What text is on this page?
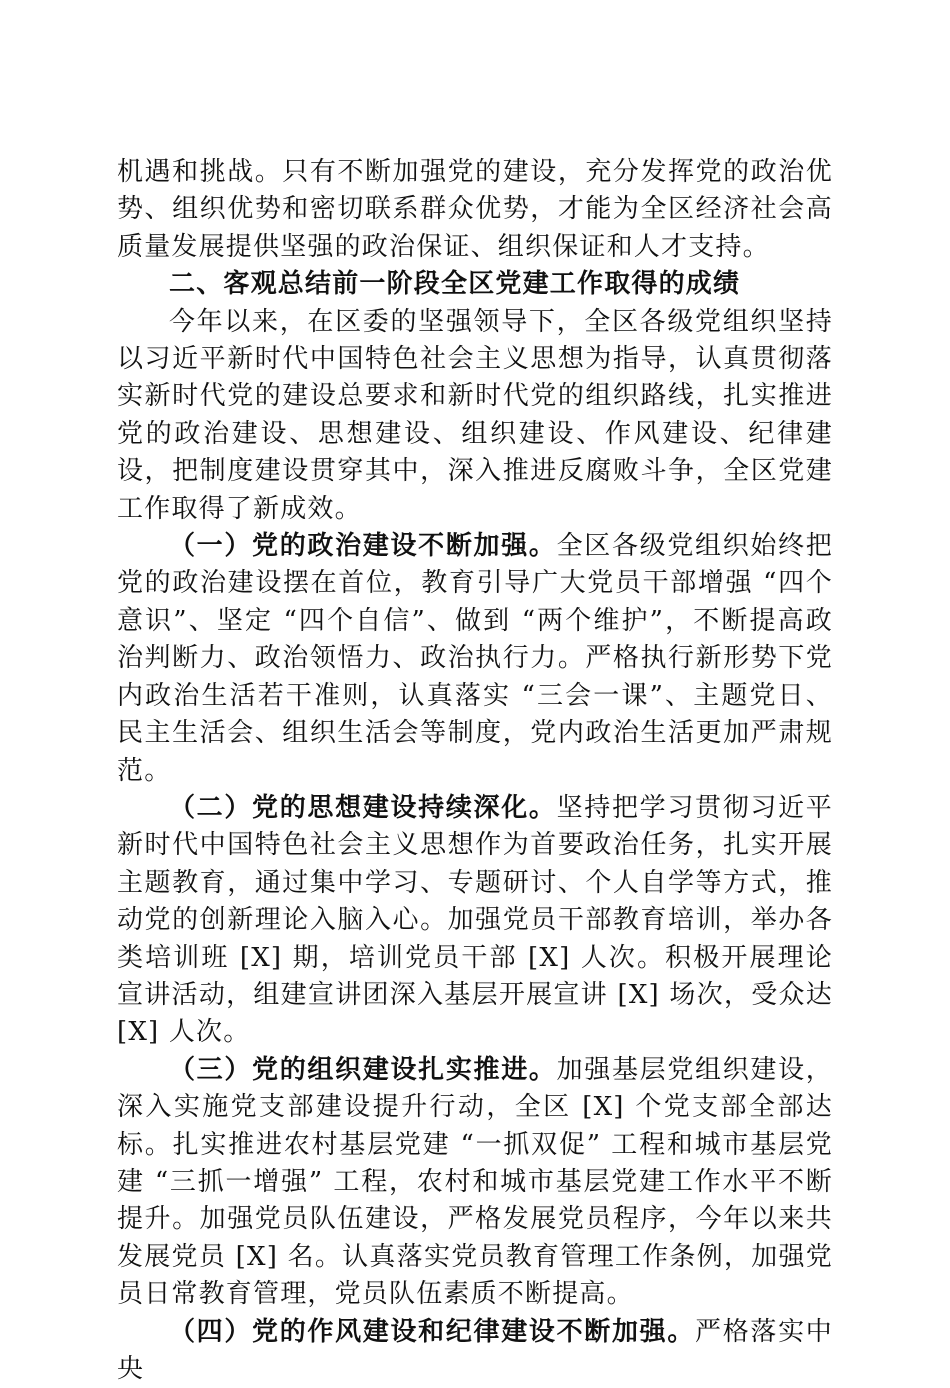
机遇和挑战。只有不断加强党的建设，充分发挥党的政治优势、组织优势和密切联系群众优势，才能为全区经济社会高质量发展提供坚强的政治保证、组织保证和人才支持。

二、客观总结前一阶段全区党建工作取得的成绩

今年以来，在区委的坚强领导下，全区各级党组织坚持以习近平新时代中国特色社会主义思想为指导，认真贯彻落实新时代党的建设总要求和新时代党的组织路线，扎实推进党的政治建设、思想建设、组织建设、作风建设、纪律建设，把制度建设贯穿其中，深入推进反腐败斗争，全区党建工作取得了新成效。

（一）党的政治建设不断加强。全区各级党组织始终把党的政治建设摆在首位，教育引导广大党员干部增强 “四个意识”、坚定 “四个自信”、做到 “两个维护”，不断提高政治判断力、政治领悟力、政治执行力。严格执行新形势下党内政治生活若干准则，认真落实 “三会一课”、主题党日、民主生活会、组织生活会等制度，党内政治生活更加严肃规范。

（二）党的思想建设持续深化。坚持把学习贯彻习近平新时代中国特色社会主义思想作为首要政治任务，扎实开展主题教育，通过集中学习、专题研讨、个人自学等方式，推动党的创新理论入脑入心。加强党员干部教育培训，举办各类培训班 [X] 期，培训党员干部 [X] 人次。积极开展理论宣讲活动，组建宣讲团深入基层开展宣讲 [X] 场次，受众达 [X] 人次。

（三）党的组织建设扎实推进。加强基层党组织建设，深入实施党支部建设提升行动，全区 [X] 个党支部全部达标。扎实推进农村基层党建 “一抓双促” 工程和城市基层党建 “三抓一增强” 工程，农村和城市基层党建工作水平不断提升。加强党员队伍建设，严格发展党员程序，今年以来共发展党员 [X] 名。认真落实党员教育管理工作条例，加强党员日常教育管理，党员队伍素质不断提高。

（四）党的作风建设和纪律建设不断加强。严格落实中央
